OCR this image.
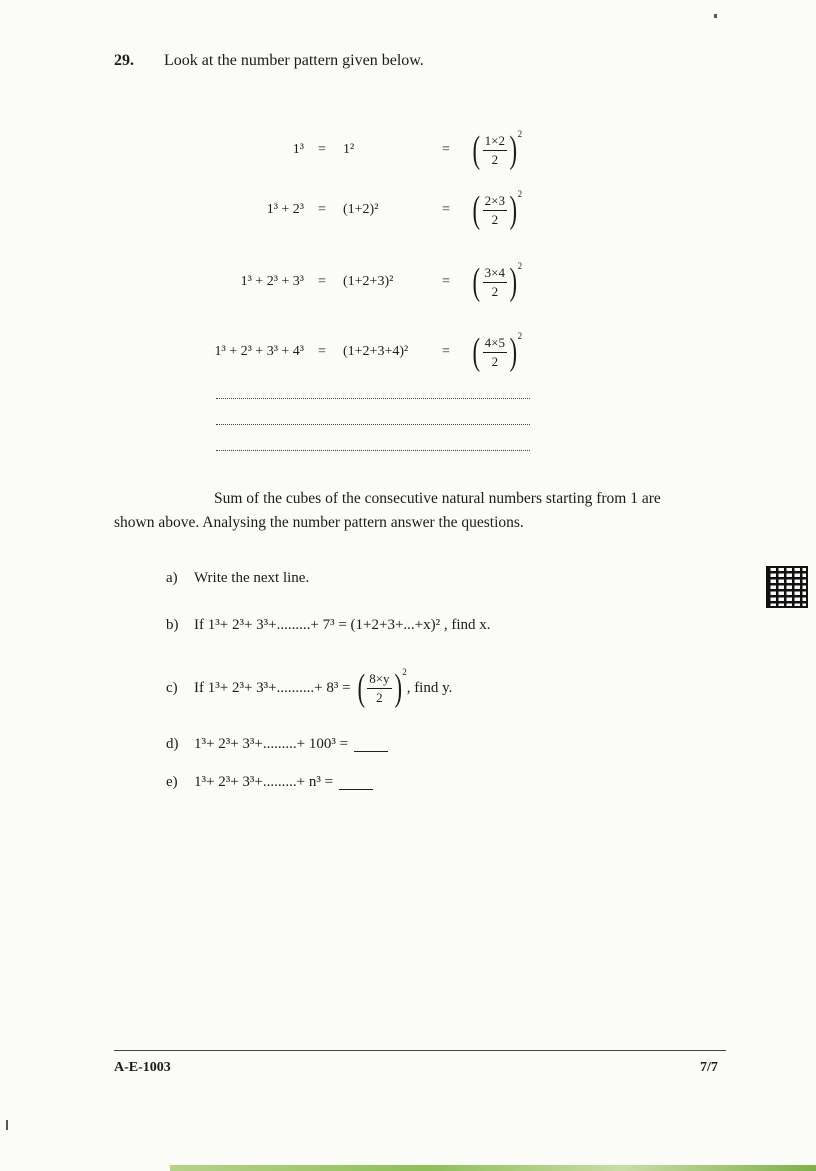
29. Look at the number pattern given below.
1³ = 1²	= ( $\frac{1\times 2}{2}$ ) 2
1³ + 2³ = (1+2)²	= ( $\frac{2\times 3}{2}$ ) 2
1³ + 2³ + 3³ = (1+2+3)²	= ( $\frac{3\times 4}{2}$ ) 2
1³ + 2³ + 3³ + 4³ = (1+2+3+4)² = ( $\frac{4\times 5}{2}$ ) 2
Sum of the cubes of the consecutive natural numbers starting from 1 are
shown above. Analysing the number pattern answer the questions.
a)	Write the next line.
b)	If 1³+ 2³+ 3³+.........+ 7³ = (1+2+3+...+x)² , find x.
c)	If 1³+ 2³+ 3³+..........+ 8³ = ( $\frac{8\times y}{2}$ ) 2
, find y.
d)	1³+ 2³+ 3³+.........+ 100³ =
e)	1³+ 2³+ 3³+.........+ n³ =
A-E-1003	7/7
